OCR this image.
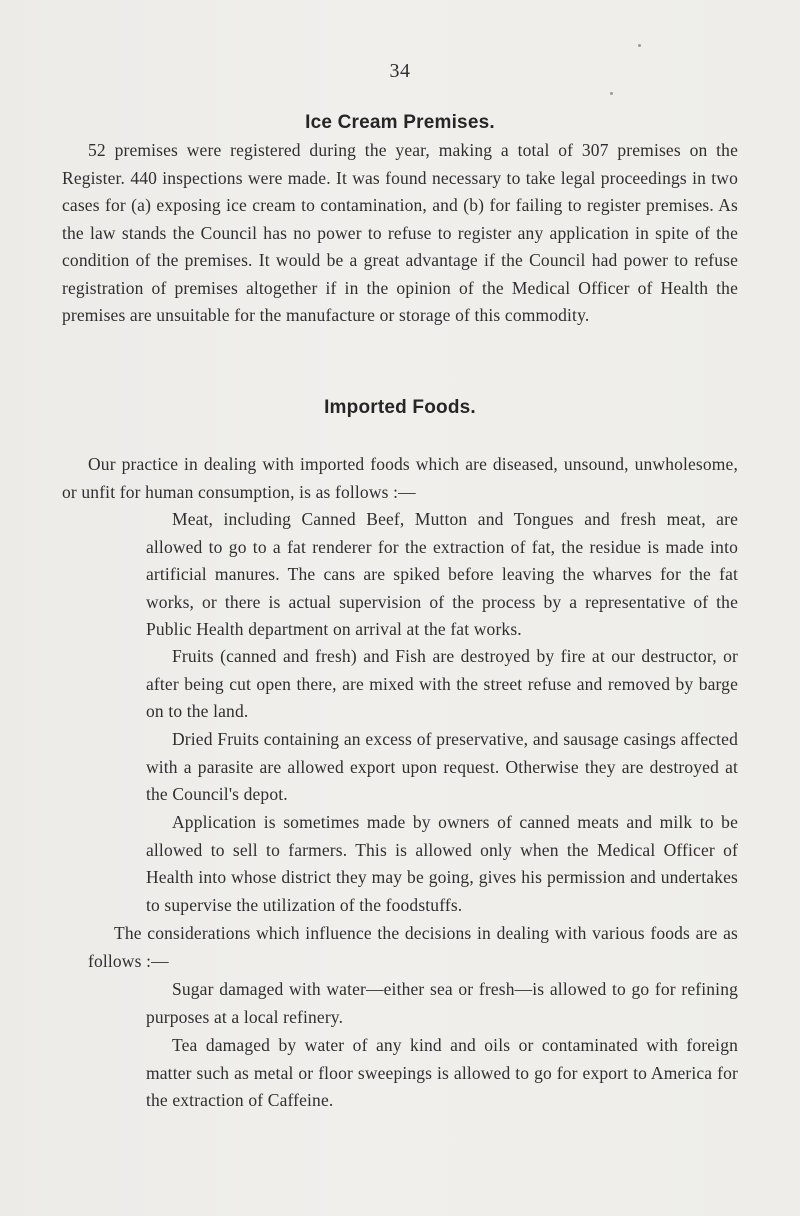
34
Ice Cream Premises.

52 premises were registered during the year, making a total of 307 premises on the Register. 440 inspections were made. It was found necessary to take legal proceedings in two cases for (a) exposing ice cream to contamination, and (b) for failing to register premises. As the law stands the Council has no power to refuse to register any application in spite of the condition of the premises. It would be a great advantage if the Council had power to refuse registration of premises altogether if in the opinion of the Medical Officer of Health the premises are unsuitable for the manufacture or storage of this commodity.

Imported Foods.

Our practice in dealing with imported foods which are diseased, unsound, unwholesome, or unfit for human consumption, is as follows :—

Meat, including Canned Beef, Mutton and Tongues and fresh meat, are allowed to go to a fat renderer for the extraction of fat, the residue is made into artificial manures. The cans are spiked before leaving the wharves for the fat works, or there is actual supervision of the process by a representative of the Public Health department on arrival at the fat works.

Fruits (canned and fresh) and Fish are destroyed by fire at our destructor, or after being cut open there, are mixed with the street refuse and removed by barge on to the land.

Dried Fruits containing an excess of preservative, and sausage casings affected with a parasite are allowed export upon request. Otherwise they are destroyed at the Council's depot.

Application is sometimes made by owners of canned meats and milk to be allowed to sell to farmers. This is allowed only when the Medical Officer of Health into whose district they may be going, gives his permission and undertakes to supervise the utilization of the foodstuffs.

The considerations which influence the decisions in dealing with various foods are as follows :—

Sugar damaged with water—either sea or fresh—is allowed to go for refining purposes at a local refinery.

Tea damaged by water of any kind and oils or contaminated with foreign matter such as metal or floor sweepings is allowed to go for export to America for the extraction of Caffeine.
